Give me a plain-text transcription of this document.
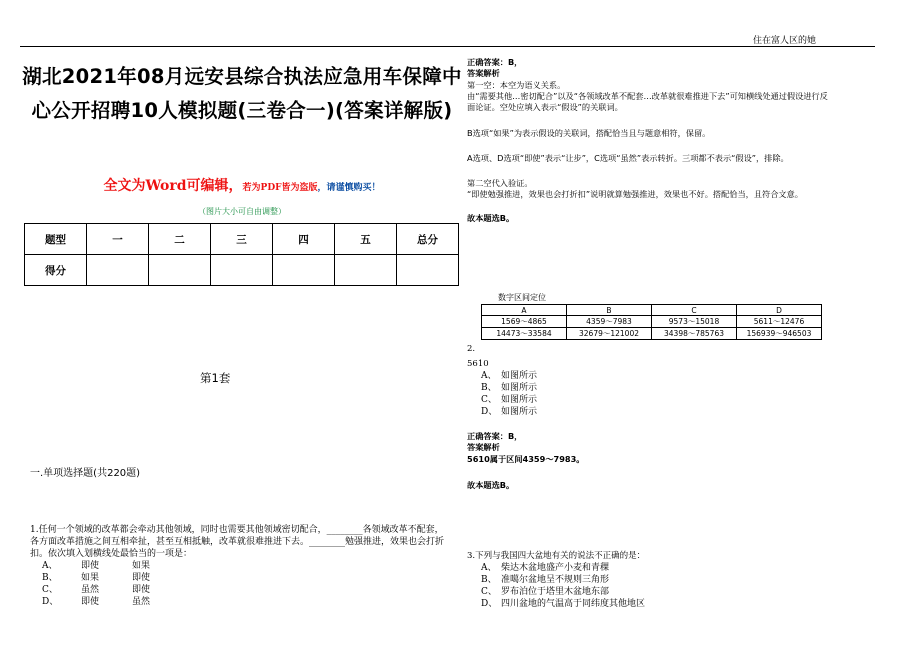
住在富人区的她
湖北2021年08月远安县综合执法应急用车保障中心公开招聘10人模拟题(三卷合一)(答案详解版)
全文为Word可编辑，若为PDF皆为盗版，请谨慎购买！
（图片大小可自由调整）
题型	一	二	三	四	五	总分
得分						
第1套
一.单项选择题(共220题)
1.任何一个领域的改革都会牵动其他领域，同时也需要其他领域密切配合，________各领域改革不配套，
各方面改革措施之间互相牵扯，甚至互相抵触，改革就很难推进下去。________勉强推进，效果也会打折
扣。依次填入划横线处最恰当的一项是：
A、	即使	如果
B、	如果	即使
C、	虽然	即使
D、	即使	虽然
正确答案：B，
答案解析
第一空：本空为语义关系。
由“需要其他…密切配合”以及“各领域改革不配套…改革就很难推进下去”可知横线处通过假设进行反
面论证。空处应填入表示“假设”的关联词。
B选项“如果”为表示假设的关联词，搭配恰当且与题意相符，保留。
A选项、D选项“即使”表示“让步”，C选项“虽然”表示转折。三项都不表示“假设”，排除。
第二空代入验证。
“即使勉强推进，效果也会打折扣”说明就算勉强推进，效果也不好。搭配恰当，且符合文意。
故本题选B。
数字区间定位
A	B	C	D
1569～4865	4359～7983	9573～15018	5611～12476
14473～33584	32679～121002	34398～785763	156939～946503
2.
5610
A、 如图所示
B、 如图所示
C、 如图所示
D、 如图所示
正确答案：B，
答案解析
5610属于区间4359～7983。
故本题选B。
3.下列与我国四大盆地有关的说法不正确的是：
A、 柴达木盆地盛产小麦和青稞
B、 准噶尔盆地呈不规则三角形
C、 罗布泊位于塔里木盆地东部
D、 四川盆地的气温高于同纬度其他地区
